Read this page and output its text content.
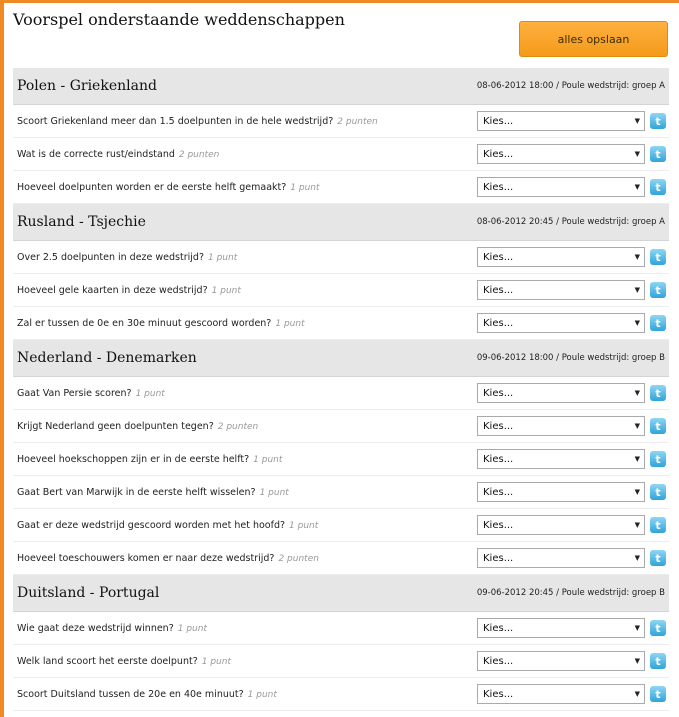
Voorspel onderstaande weddenschappen
alles opslaan
Polen - Griekenland	08-06-2012 18:00 / Poule wedstrijd: groep A
Scoort Griekenland meer dan 1.5 doelpunten in de hele wedstrijd? 2 punten	Kies...	▼	t
Wat is de correcte rust/eindstand 2 punten	Kies...	▼	t
Hoeveel doelpunten worden er de eerste helft gemaakt? 1 punt	Kies...	▼	t
Rusland - Tsjechie	08-06-2012 20:45 / Poule wedstrijd: groep A
Over 2.5 doelpunten in deze wedstrijd? 1 punt	Kies...	▼	t
Hoeveel gele kaarten in deze wedstrijd? 1 punt	Kies...	▼	t
Zal er tussen de 0e en 30e minuut gescoord worden? 1 punt	Kies...	▼	t
Nederland - Denemarken	09-06-2012 18:00 / Poule wedstrijd: groep B
Gaat Van Persie scoren? 1 punt	Kies...	▼	t
Krijgt Nederland geen doelpunten tegen? 2 punten	Kies...	▼	t
Hoeveel hoekschoppen zijn er in de eerste helft? 1 punt	Kies...	▼	t
Gaat Bert van Marwijk in de eerste helft wisselen? 1 punt	Kies...	▼	t
Gaat er deze wedstrijd gescoord worden met het hoofd? 1 punt	Kies...	▼	t
Hoeveel toeschouwers komen er naar deze wedstrijd? 2 punten	Kies...	▼	t
Duitsland - Portugal	09-06-2012 20:45 / Poule wedstrijd: groep B
Wie gaat deze wedstrijd winnen? 1 punt	Kies...	▼	t
Welk land scoort het eerste doelpunt? 1 punt	Kies...	▼	t
Scoort Duitsland tussen de 20e en 40e minuut? 1 punt	Kies...	▼	t
